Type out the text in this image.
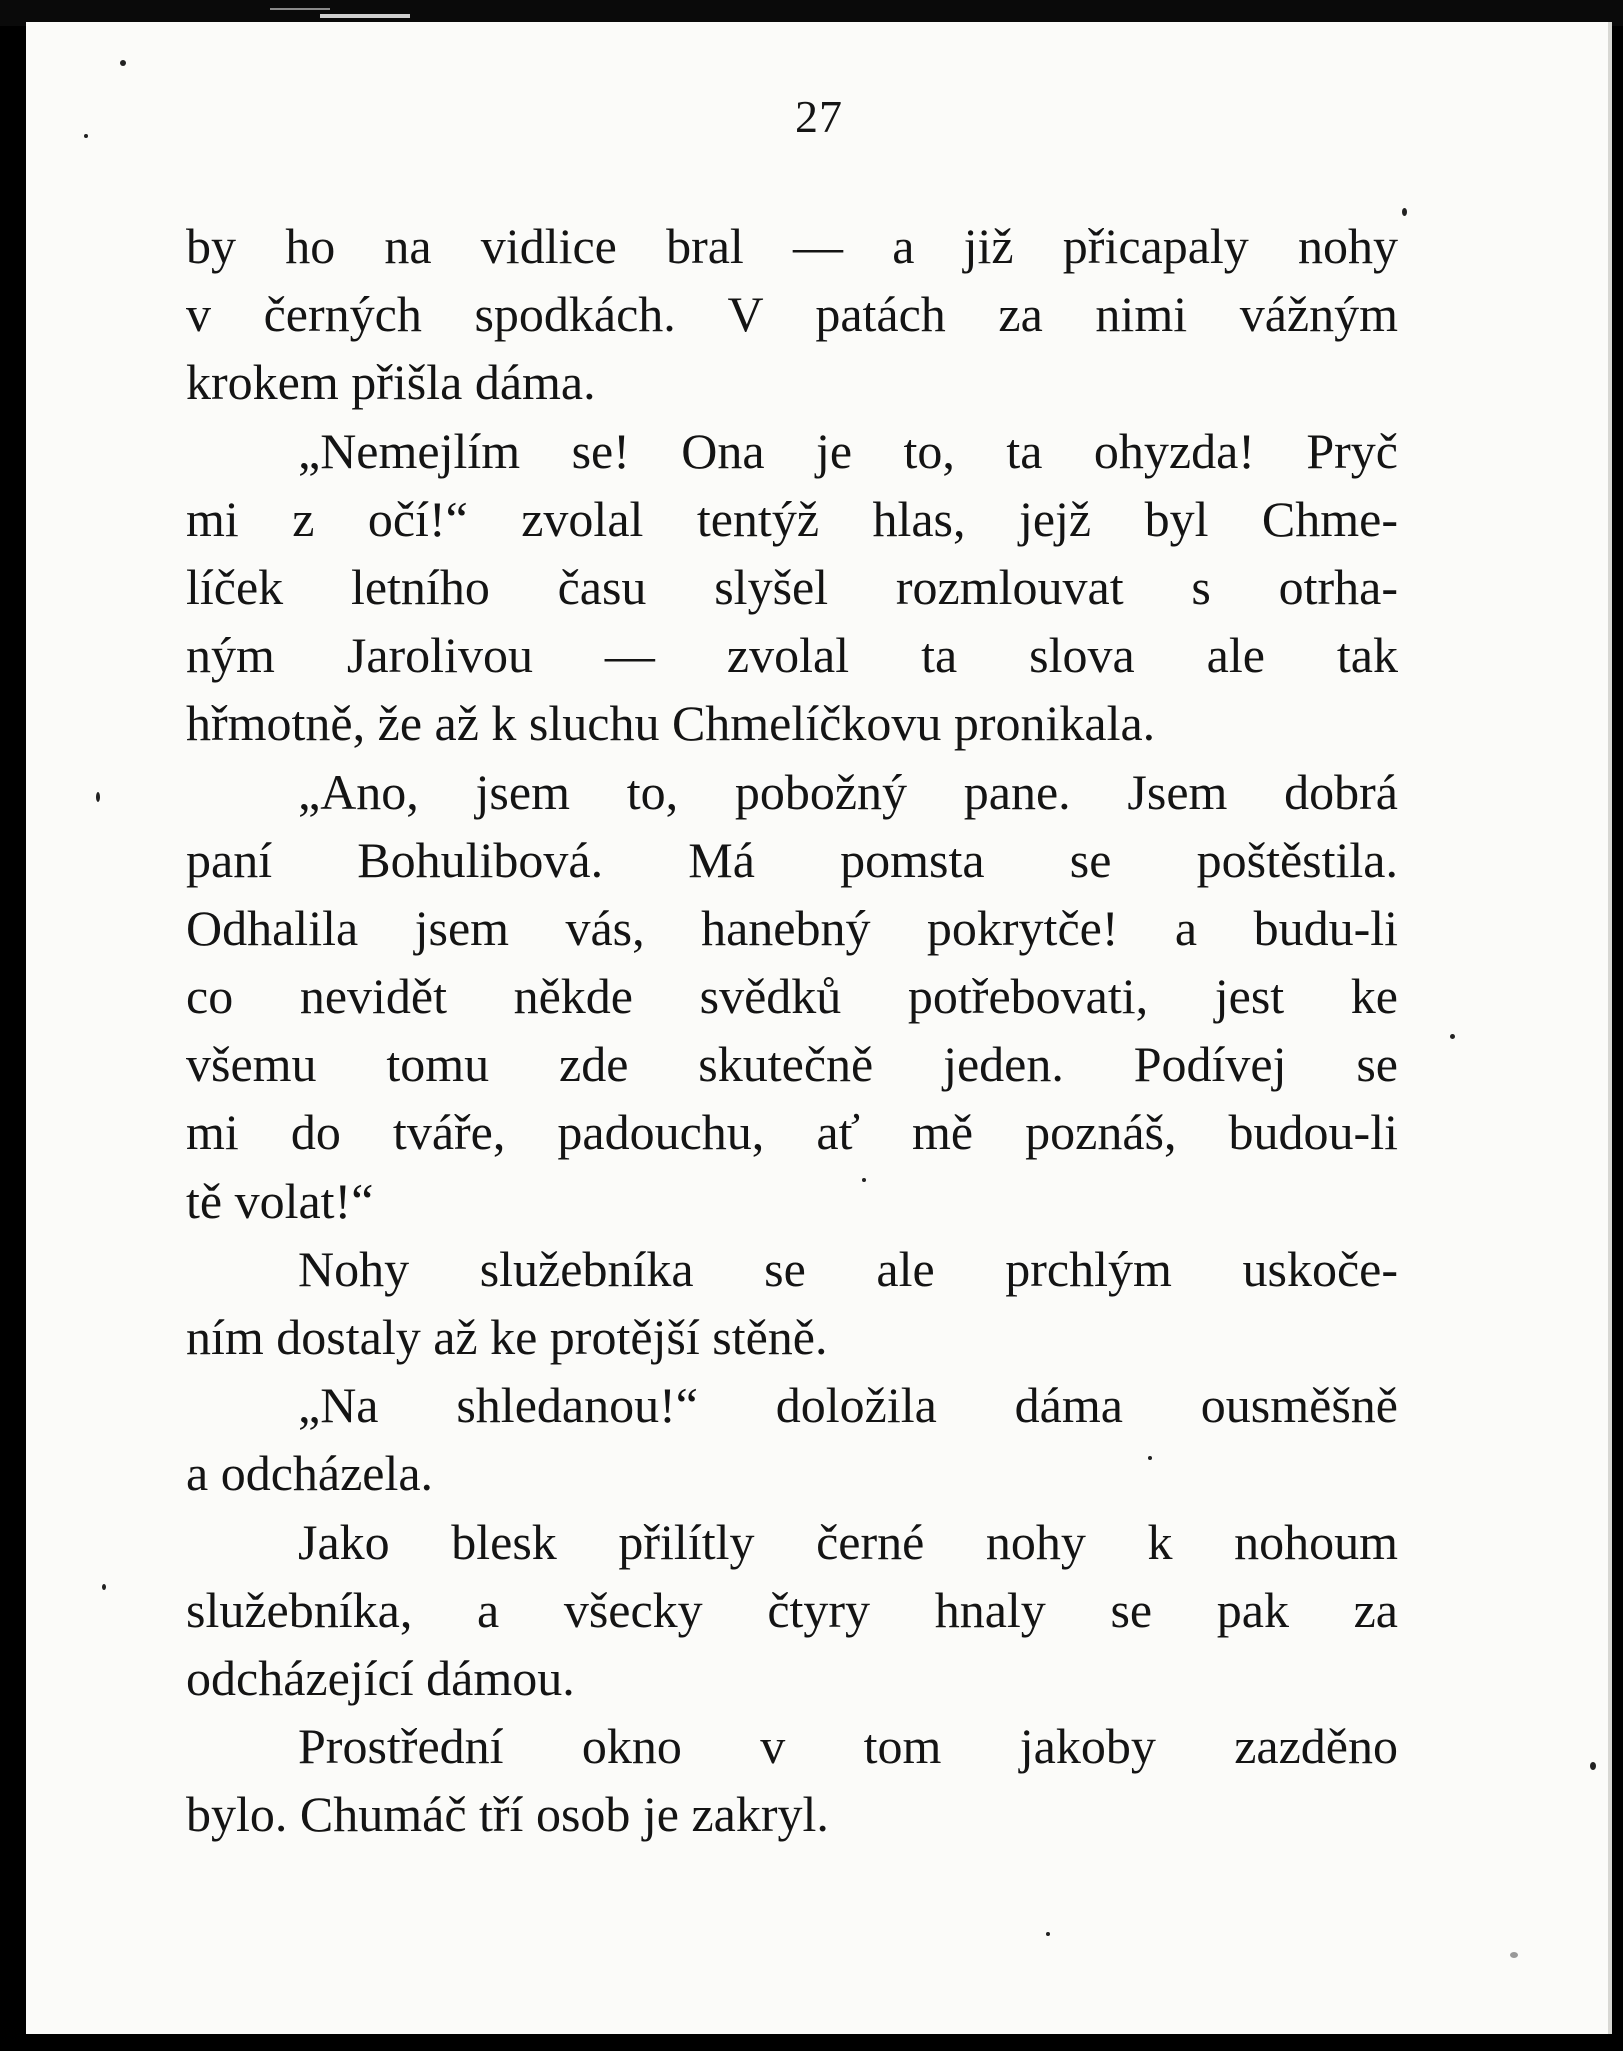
27
by ho na vidlice bral — a již přicapaly nohy
v černých spodkách. V patách za nimi vážným
krokem přišla dáma.
„Nemejlím se! Ona je to, ta ohyzda! Pryč
mi z očí!“ zvolal tentýž hlas, jejž byl Chme-
líček letního času slyšel rozmlouvat s otrha-
ným Jarolivou — zvolal ta slova ale tak
hřmotně, že až k sluchu Chmelíčkovu pronikala.
„Ano, jsem to, pobožný pane. Jsem dobrá
paní Bohulibová. Má pomsta se poštěstila.
Odhalila jsem vás, hanebný pokrytče! a budu-li
co nevidět někde svědků potřebovati, jest ke
všemu tomu zde skutečně jeden. Podívej se
mi do tváře, padouchu, ať mě poznáš, budou-li
tě volat!“
Nohy služebníka se ale prchlým uskoče-
ním dostaly až ke protější stěně.
„Na shledanou!“ doložila dáma ousměšně
a odcházela.
Jako blesk přilítly černé nohy k nohoum
služebníka, a všecky čtyry hnaly se pak za
odcházející dámou.
Prostřední okno v tom jakoby zazděno
bylo. Chumáč tří osob je zakryl.
